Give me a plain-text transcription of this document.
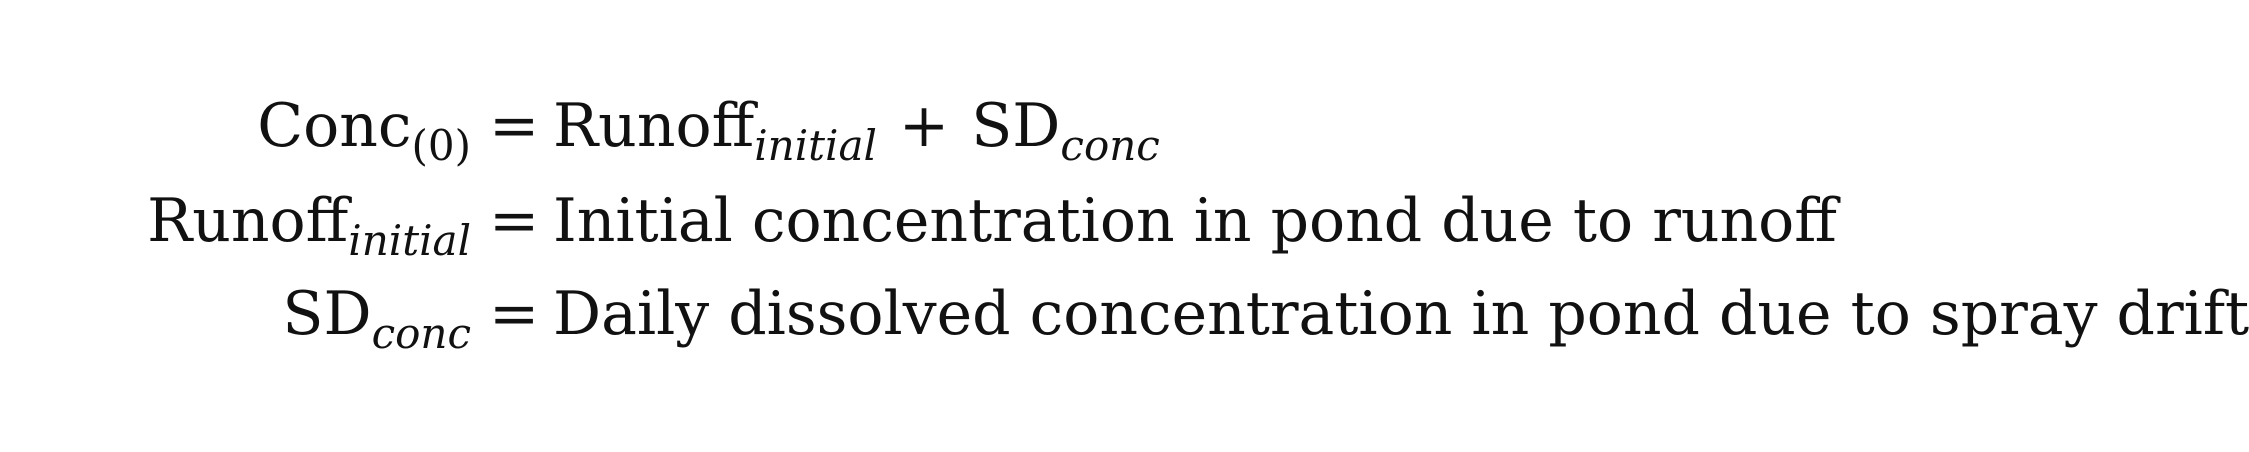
Conc$_{(0)}$ = Runoff$_{initial}$ + $SD_{conc}$
Runoff$_{initial}$ = Initial concentration in pond due to runoff
$SD_{conc}$ = Daily dissolved concentration in pond due to spray drift
